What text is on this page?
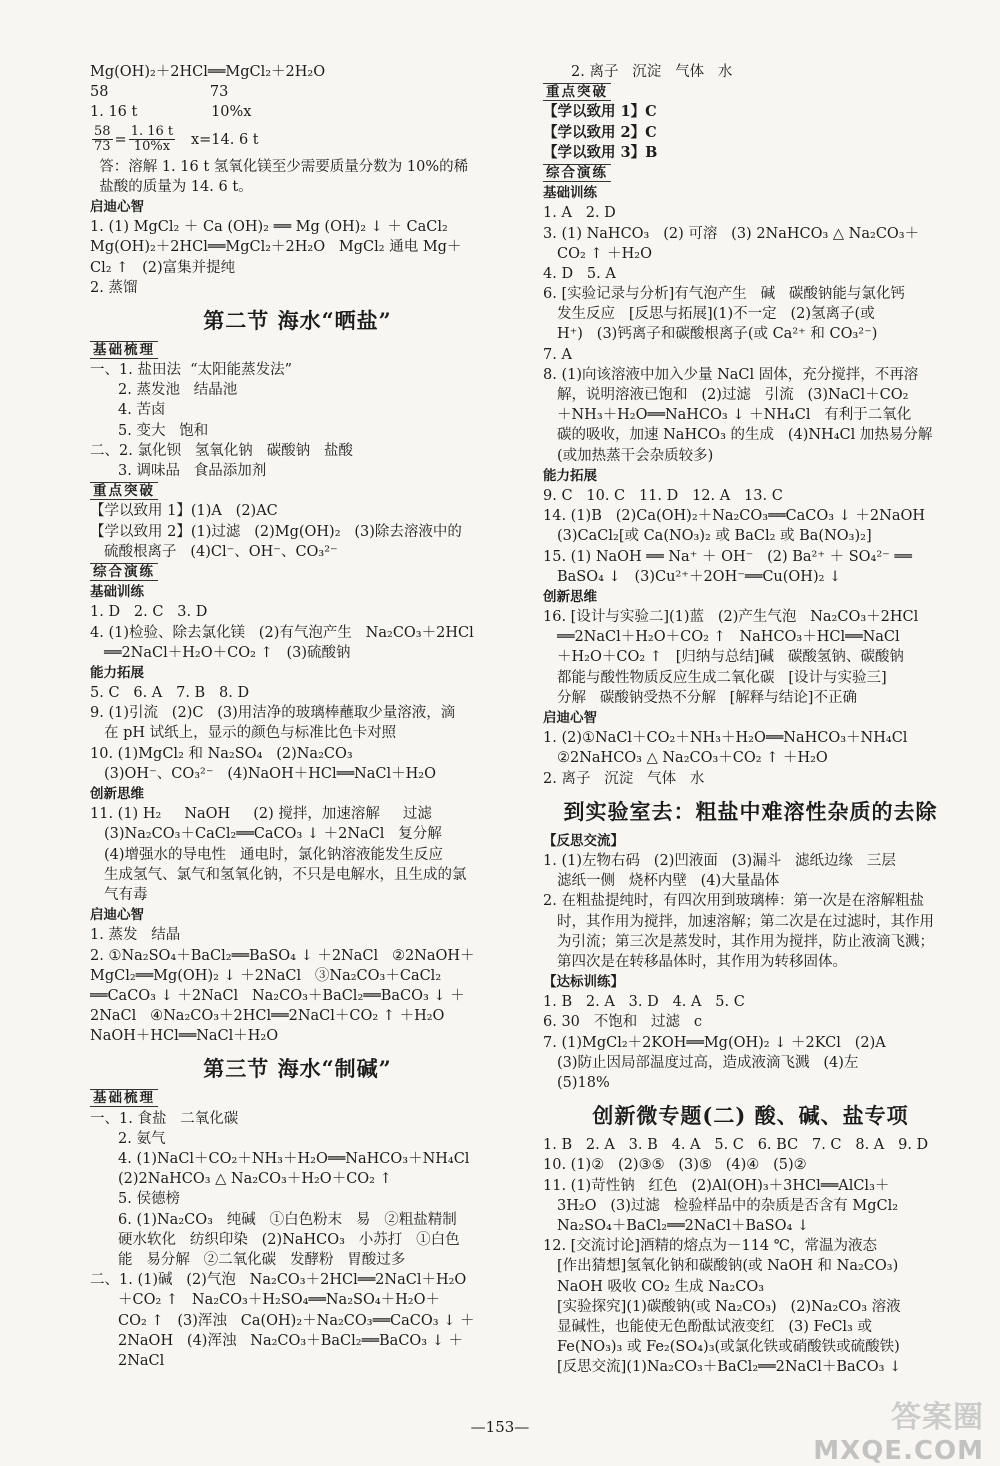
Mg(OH)₂＋2HCl══MgCl₂＋2H₂O
58                      73
1. 16 t                10%x
$\frac{58}{73} = \frac{1. 16 t}{10\%x} x=14$. 6 t
答：溶解 1. 16 t 氢氧化镁至少需要质量分数为 10%的稀
盐酸的质量为 14. 6 t。
启迪心智
1. (1) MgCl₂ ＋ Ca (OH)₂ ══ Mg (OH)₂ ↓ ＋ CaCl₂
Mg(OH)₂＋2HCl══MgCl₂＋2H₂O   MgCl₂ 通电 Mg＋
Cl₂ ↑   (2)富集并提纯
2. 蒸馏
第二节 海水“晒盐”
基础梳理
一、1. 盐田法  “太阳能蒸发法”
2. 蒸发池   结晶池
4. 苦卤
5. 变大   饱和
二、2. 氯化钡   氢氧化钠   碳酸钠   盐酸
3. 调味品   食品添加剂
重点突破
【学以致用 1】(1)A   (2)AC
【学以致用 2】(1)过滤   (2)Mg(OH)₂   (3)除去溶液中的
硫酸根离子   (4)Cl⁻、OH⁻、CO₃²⁻
综合演练
基础训练
1. D   2. C   3. D
4. (1)检验、除去氯化镁   (2)有气泡产生   Na₂CO₃＋2HCl
══2NaCl＋H₂O＋CO₂ ↑   (3)硫酸钠
能力拓展
5. C   6. A   7. B   8. D
9. (1)引流   (2)C   (3)用洁净的玻璃棒蘸取少量溶液，滴
在 pH 试纸上，显示的颜色与标准比色卡对照
10. (1)MgCl₂ 和 Na₂SO₄   (2)Na₂CO₃
(3)OH⁻、CO₃²⁻   (4)NaOH＋HCl══NaCl＋H₂O
创新思维
11. (1) H₂     NaOH     (2) 搅拌，加速溶解     过滤
(3)Na₂CO₃＋CaCl₂══CaCO₃ ↓ ＋2NaCl   复分解
(4)增强水的导电性   通电时，氯化钠溶液能发生反应
生成氢气、氯气和氢氧化钠，不只是电解水，且生成的氯
气有毒
启迪心智
1. 蒸发   结晶
2. ①Na₂SO₄＋BaCl₂══BaSO₄ ↓ ＋2NaCl   ②2NaOH＋
MgCl₂══Mg(OH)₂ ↓ ＋2NaCl   ③Na₂CO₃＋CaCl₂
══CaCO₃ ↓ ＋2NaCl   Na₂CO₃＋BaCl₂══BaCO₃ ↓ ＋
2NaCl   ④Na₂CO₃＋2HCl══2NaCl＋CO₂ ↑ ＋H₂O
NaOH＋HCl══NaCl＋H₂O
第三节 海水“制碱”
基础梳理
一、1. 食盐   二氧化碳
2. 氨气
4. (1)NaCl＋CO₂＋NH₃＋H₂O══NaHCO₃＋NH₄Cl
(2)2NaHCO₃ △ Na₂CO₃＋H₂O＋CO₂ ↑
5. 侯德榜
6. (1)Na₂CO₃   纯碱   ①白色粉末   易   ②粗盐精制
硬水软化   纺织印染   (2)NaHCO₃   小苏打   ①白色
能   易分解   ②二氧化碳   发酵粉   胃酸过多
二、1. (1)碱   (2)气泡   Na₂CO₃＋2HCl══2NaCl＋H₂O
＋CO₂ ↑   Na₂CO₃＋H₂SO₄══Na₂SO₄＋H₂O＋
CO₂ ↑   (3)浑浊   Ca(OH)₂＋Na₂CO₃══CaCO₃ ↓ ＋
2NaOH   (4)浑浊   Na₂CO₃＋BaCl₂══BaCO₃ ↓ ＋
2NaCl
2. 离子   沉淀   气体   水
重点突破
【学以致用 1】C
【学以致用 2】C
【学以致用 3】B
综合演练
基础训练
1. A   2. D
3. (1) NaHCO₃   (2) 可溶   (3) 2NaHCO₃ △ Na₂CO₃＋
CO₂ ↑ ＋H₂O
4. D   5. A
6. [实验记录与分析]有气泡产生   碱   碳酸钠能与氯化钙
发生反应   [反思与拓展](1)不一定   (2)氢离子(或
H⁺)   (3)钙离子和碳酸根离子(或 Ca²⁺ 和 CO₃²⁻)
7. A
8. (1)向该溶液中加入少量 NaCl 固体，充分搅拌，不再溶
解，说明溶液已饱和   (2)过滤   引流   (3)NaCl＋CO₂
＋NH₃＋H₂O══NaHCO₃ ↓ ＋NH₄Cl   有利于二氧化
碳的吸收，加速 NaHCO₃ 的生成   (4)NH₄Cl 加热易分解
(或加热蒸干会杂质较多)
能力拓展
9. C   10. C   11. D   12. A   13. C
14. (1)B   (2)Ca(OH)₂＋Na₂CO₃══CaCO₃ ↓ ＋2NaOH
(3)CaCl₂[或 Ca(NO₃)₂ 或 BaCl₂ 或 Ba(NO₃)₂]
15. (1) NaOH ══ Na⁺ ＋ OH⁻   (2) Ba²⁺ ＋ SO₄²⁻ ══
BaSO₄ ↓   (3)Cu²⁺＋2OH⁻══Cu(OH)₂ ↓
创新思维
16. [设计与实验二](1)蓝   (2)产生气泡   Na₂CO₃＋2HCl
══2NaCl＋H₂O＋CO₂ ↑   NaHCO₃＋HCl══NaCl
＋H₂O＋CO₂ ↑   [归纳与总结]碱   碳酸氢钠、碳酸钠
都能与酸性物质反应生成二氧化碳   [设计与实验三]
分解   碳酸钠受热不分解   [解释与结论]不正确
启迪心智
1. (2)①NaCl＋CO₂＋NH₃＋H₂O══NaHCO₃＋NH₄Cl
②2NaHCO₃ △ Na₂CO₃＋CO₂ ↑ ＋H₂O
2. 离子   沉淀   气体   水
到实验室去：粗盐中难溶性杂质的去除
【反思交流】
1. (1)左物右码   (2)凹液面   (3)漏斗   滤纸边缘   三层
滤纸一侧   烧杯内壁   (4)大量晶体
2. 在粗盐提纯时，有四次用到玻璃棒：第一次是在溶解粗盐
时，其作用为搅拌，加速溶解；第二次是在过滤时，其作用
为引流；第三次是蒸发时，其作用为搅拌，防止液滴飞溅；
第四次是在转移晶体时，其作用为转移固体。
【达标训练】
1. B   2. A   3. D   4. A   5. C
6. 30   不饱和   过滤   c
7. (1)MgCl₂＋2KOH══Mg(OH)₂ ↓ ＋2KCl   (2)A
(3)防止因局部温度过高，造成液滴飞溅   (4)左
(5)18%
创新微专题(二) 酸、碱、盐专项
1. B   2. A   3. B   4. A   5. C   6. BC   7. C   8. A   9. D
10. (1)②   (2)③⑤   (3)⑤   (4)④   (5)②
11. (1)苛性钠   红色   (2)Al(OH)₃＋3HCl══AlCl₃＋
3H₂O   (3)过滤   检验样品中的杂质是否含有 MgCl₂
Na₂SO₄＋BaCl₂══2NaCl＋BaSO₄ ↓
12. [交流讨论]酒精的熔点为－114 ℃，常温为液态
[作出猜想]氢氧化钠和碳酸钠(或 NaOH 和 Na₂CO₃)
NaOH 吸收 CO₂ 生成 Na₂CO₃
[实验探究](1)碳酸钠(或 Na₂CO₃)   (2)Na₂CO₃ 溶液
显碱性，也能使无色酚酞试液变红   (3) FeCl₃ 或
Fe(NO₃)₃ 或 Fe₂(SO₄)₃(或氯化铁或硝酸铁或硫酸铁)
[反思交流](1)Na₂CO₃＋BaCl₂══2NaCl＋BaCO₃ ↓
—153—	答案圈
MXQE.COM
